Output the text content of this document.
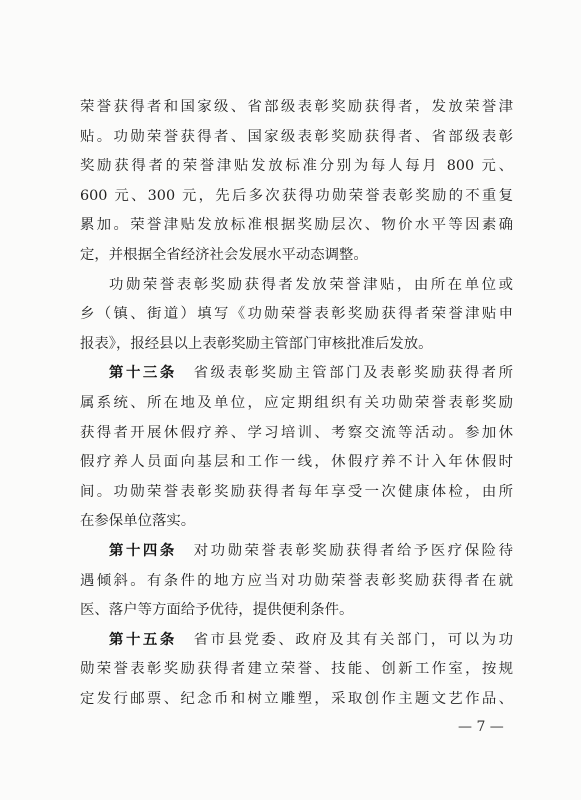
荣誉获得者和国家级、省部级表彰奖励获得者，发放荣誉津
贴。功勋荣誉获得者、国家级表彰奖励获得者、省部级表彰
奖励获得者的荣誉津贴发放标准分别为每人每月 800 元、
600 元、300 元，先后多次获得功勋荣誉表彰奖励的不重复
累加。荣誉津贴发放标准根据奖励层次、物价水平等因素确
定，并根据全省经济社会发展水平动态调整。
功勋荣誉表彰奖励获得者发放荣誉津贴，由所在单位或
乡（镇、街道）填写《功勋荣誉表彰奖励获得者荣誉津贴申
报表》，报经县以上表彰奖励主管部门审核批准后发放。
第十三条　省级表彰奖励主管部门及表彰奖励获得者所
属系统、所在地及单位，应定期组织有关功勋荣誉表彰奖励
获得者开展休假疗养、学习培训、考察交流等活动。参加休
假疗养人员面向基层和工作一线，休假疗养不计入年休假时
间。功勋荣誉表彰奖励获得者每年享受一次健康体检，由所
在参保单位落实。
第十四条　对功勋荣誉表彰奖励获得者给予医疗保险待
遇倾斜。有条件的地方应当对功勋荣誉表彰奖励获得者在就
医、落户等方面给予优待，提供便利条件。
第十五条　省市县党委、政府及其有关部门，可以为功
勋荣誉表彰奖励获得者建立荣誉、技能、创新工作室，按规
定发行邮票、纪念币和树立雕塑，采取创作主题文艺作品、
— 7 —
